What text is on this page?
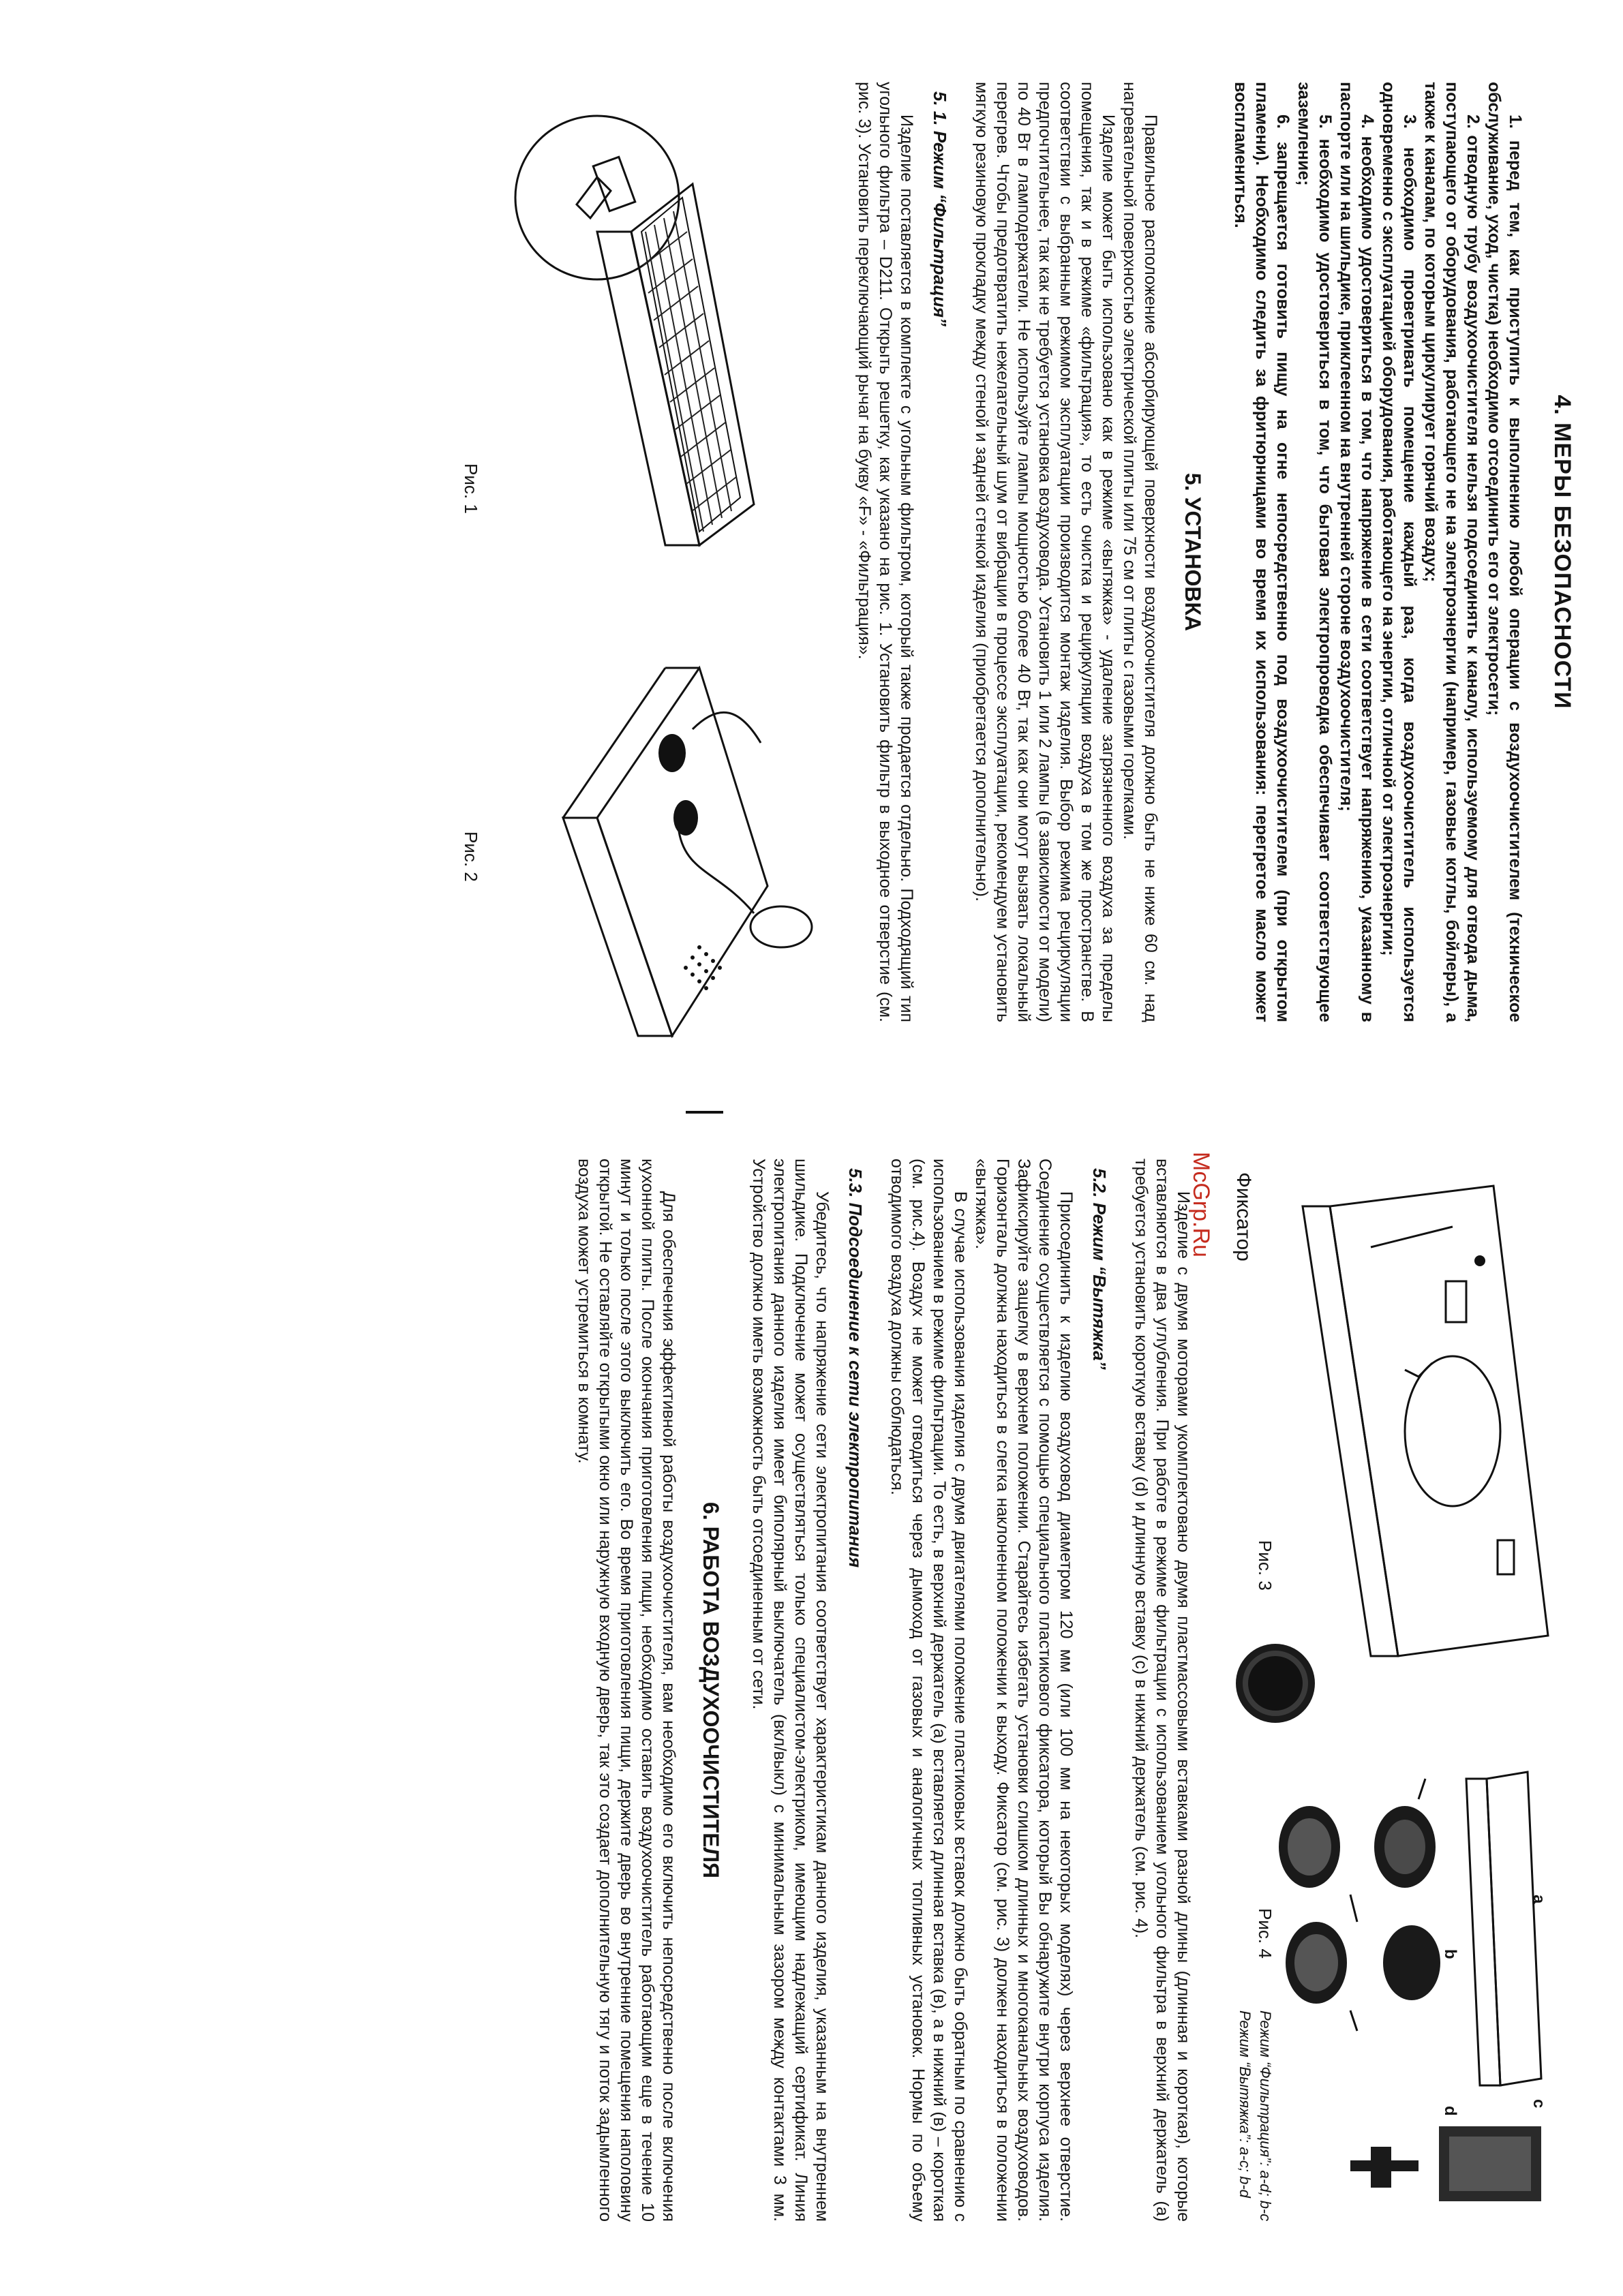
4. МЕРЫ БЕЗОПАСНОСТИ

1. перед тем, как приступить к выполнению любой операции с воздухоочистителем (техническое обслуживание, уход, чистка) необходимо отсоединить его от электросети;

2. отводную трубу воздухоочистителя нельзя подсоединять к каналу, используемому для отвода дыма, поступающего от оборудования, работающего не на электроэнергии (например, газовые котлы, бойлеры), а также к каналам, по которым циркулирует горячий воздух;

3. необходимо проветривать помещение каждый раз, когда воздухоочиститель используется одновременно с эксплуатацией оборудования, работающего на энергии, отличной от электроэнергии;

4. необходимо удостовериться в том, что напряжение в сети соответствует напряжению, указанному в паспорте или на шильдике, приклеенном на внутренней стороне воздухоочистителя;

5. необходимо удостовериться в том, что бытовая электропроводка обеспечивает соответствующее заземление;

6. запрещается готовить пищу на огне непосредственно под воздухоочистителем (при открытом пламени). Необходимо следить за фритюрницами во время их использования: перегретое масло может воспламениться.

5. УСТАНОВКА

Правильное расположение абсорбирующей поверхности воздухоочистителя должно быть не ниже 60 см. над нагревательной поверхностью электрической плиты или 75 см от плиты с газовыми горелками.

Изделие может быть использовано как в режиме «вытяжка» - удаление загрязненного воздуха за пределы помещения, так и в режиме «фильтрация», то есть очистка и рециркуляции воздуха в том же пространстве. В соответствии с выбранным режимом эксплуатации производится монтаж изделия. Выбор режима рециркуляции предпочтительнее, так как не требуется установка воздуховода. Установить 1 или 2 лампы (в зависимости от модели) по 40 Вт в ламподержатели. Не используйте лампы мощностью более 40 Вт, так как они могут вызвать локальный перегрев. Чтобы предотвратить нежелательный шум от вибрации в процессе эксплуатации, рекомендуем установить мягкую резиновую прокладку между стеной и задней стенкой изделия (приобретается дополнительно).

5. 1. Режим “Фильтрация”

Изделие поставляется в комплекте с угольным фильтром, который также продается отдельно. Подходящий тип угольного фильтра – D211. Открыть решетку, как указано на рис. 1. Установить фильтр в выходное отверстие (см. рис. 3). Установить переключающий рычаг на букву «F» - «Фильтрация».

Рис. 1
Рис. 2
Рис. 3
Фиксатор
a
b
c
d
Рис. 4
Режим “Фильтрация”: a-d; b-c
Режим “Вытяжка”: a-c; b-d

Изделие с двумя моторами укомплектовано двумя пластмассовыми вставками разной длины (длинная и короткая), которые вставляются в два углубления. При работе в режиме фильтрации с использованием угольного фильтра в верхний держатель (a) требуется установить короткую вставку (d) и длинную вставку (c) в нижний держатель (см. рис. 4).

5.2. Режим “Вытяжка”

Присоединить к изделию воздуховод диаметром 120 мм (или 100 мм на некоторых моделях) через верхнее отверстие. Соединение осуществляется с помощью специального пластикового фиксатора, который Вы обнаружите внутри корпуса изделия. Зафиксируйте защелку в верхнем положении. Старайтесь избегать установки слишком длинных и многоканальных воздуховодов. Горизонталь должна находиться в слегка наклоненном положении к выходу. Фиксатор (см. рис. 3) должен находиться в положении «вытяжка».

В случае использования изделия с двумя двигателями положение пластиковых вставок должно быть обратным по сравнению с использованием в режиме фильтрации. То есть, в верхний держатель (а) вставляется длинная вставка (в), а в нижний (в) – короткая (см. рис.4). Воздух не может отводиться через дымоход от газовых и аналогичных топливных установок. Нормы по объему отводимого воздуха должны соблюдаться.

5.3. Подсоединение к сети электропитания

Убедитесь, что напряжение сети электропитания соответствует характеристикам данного изделия, указанным на внутреннем шильдике. Подключение может осуществляться только специалистом-электриком, имеющим надлежащий сертификат. Линия электропитания данного изделия имеет биполярный выключатель (вкл/выкл) с минимальным зазором между контактами 3 мм. Устройство должно иметь возможность быть отсоединенным от сети.

6. РАБОТА ВОЗДУХООЧИСТИТЕЛЯ

Для обеспечения эффективной работы воздухоочистителя, вам необходимо его включить непосредственно после включения кухонной плиты. После окончания приготовления пищи, необходимо оставить воздухоочиститель работающим еще в течение 10 минут и только после этого выключить его. Во время приготовления пищи, держите дверь во внутренние помещения наполовину открытой. Не оставляйте открытыми окно или наружную входную дверь, так это создает дополнительную тягу и поток задымленного воздуха может устремиться в комнату.	McGrp.Ru
